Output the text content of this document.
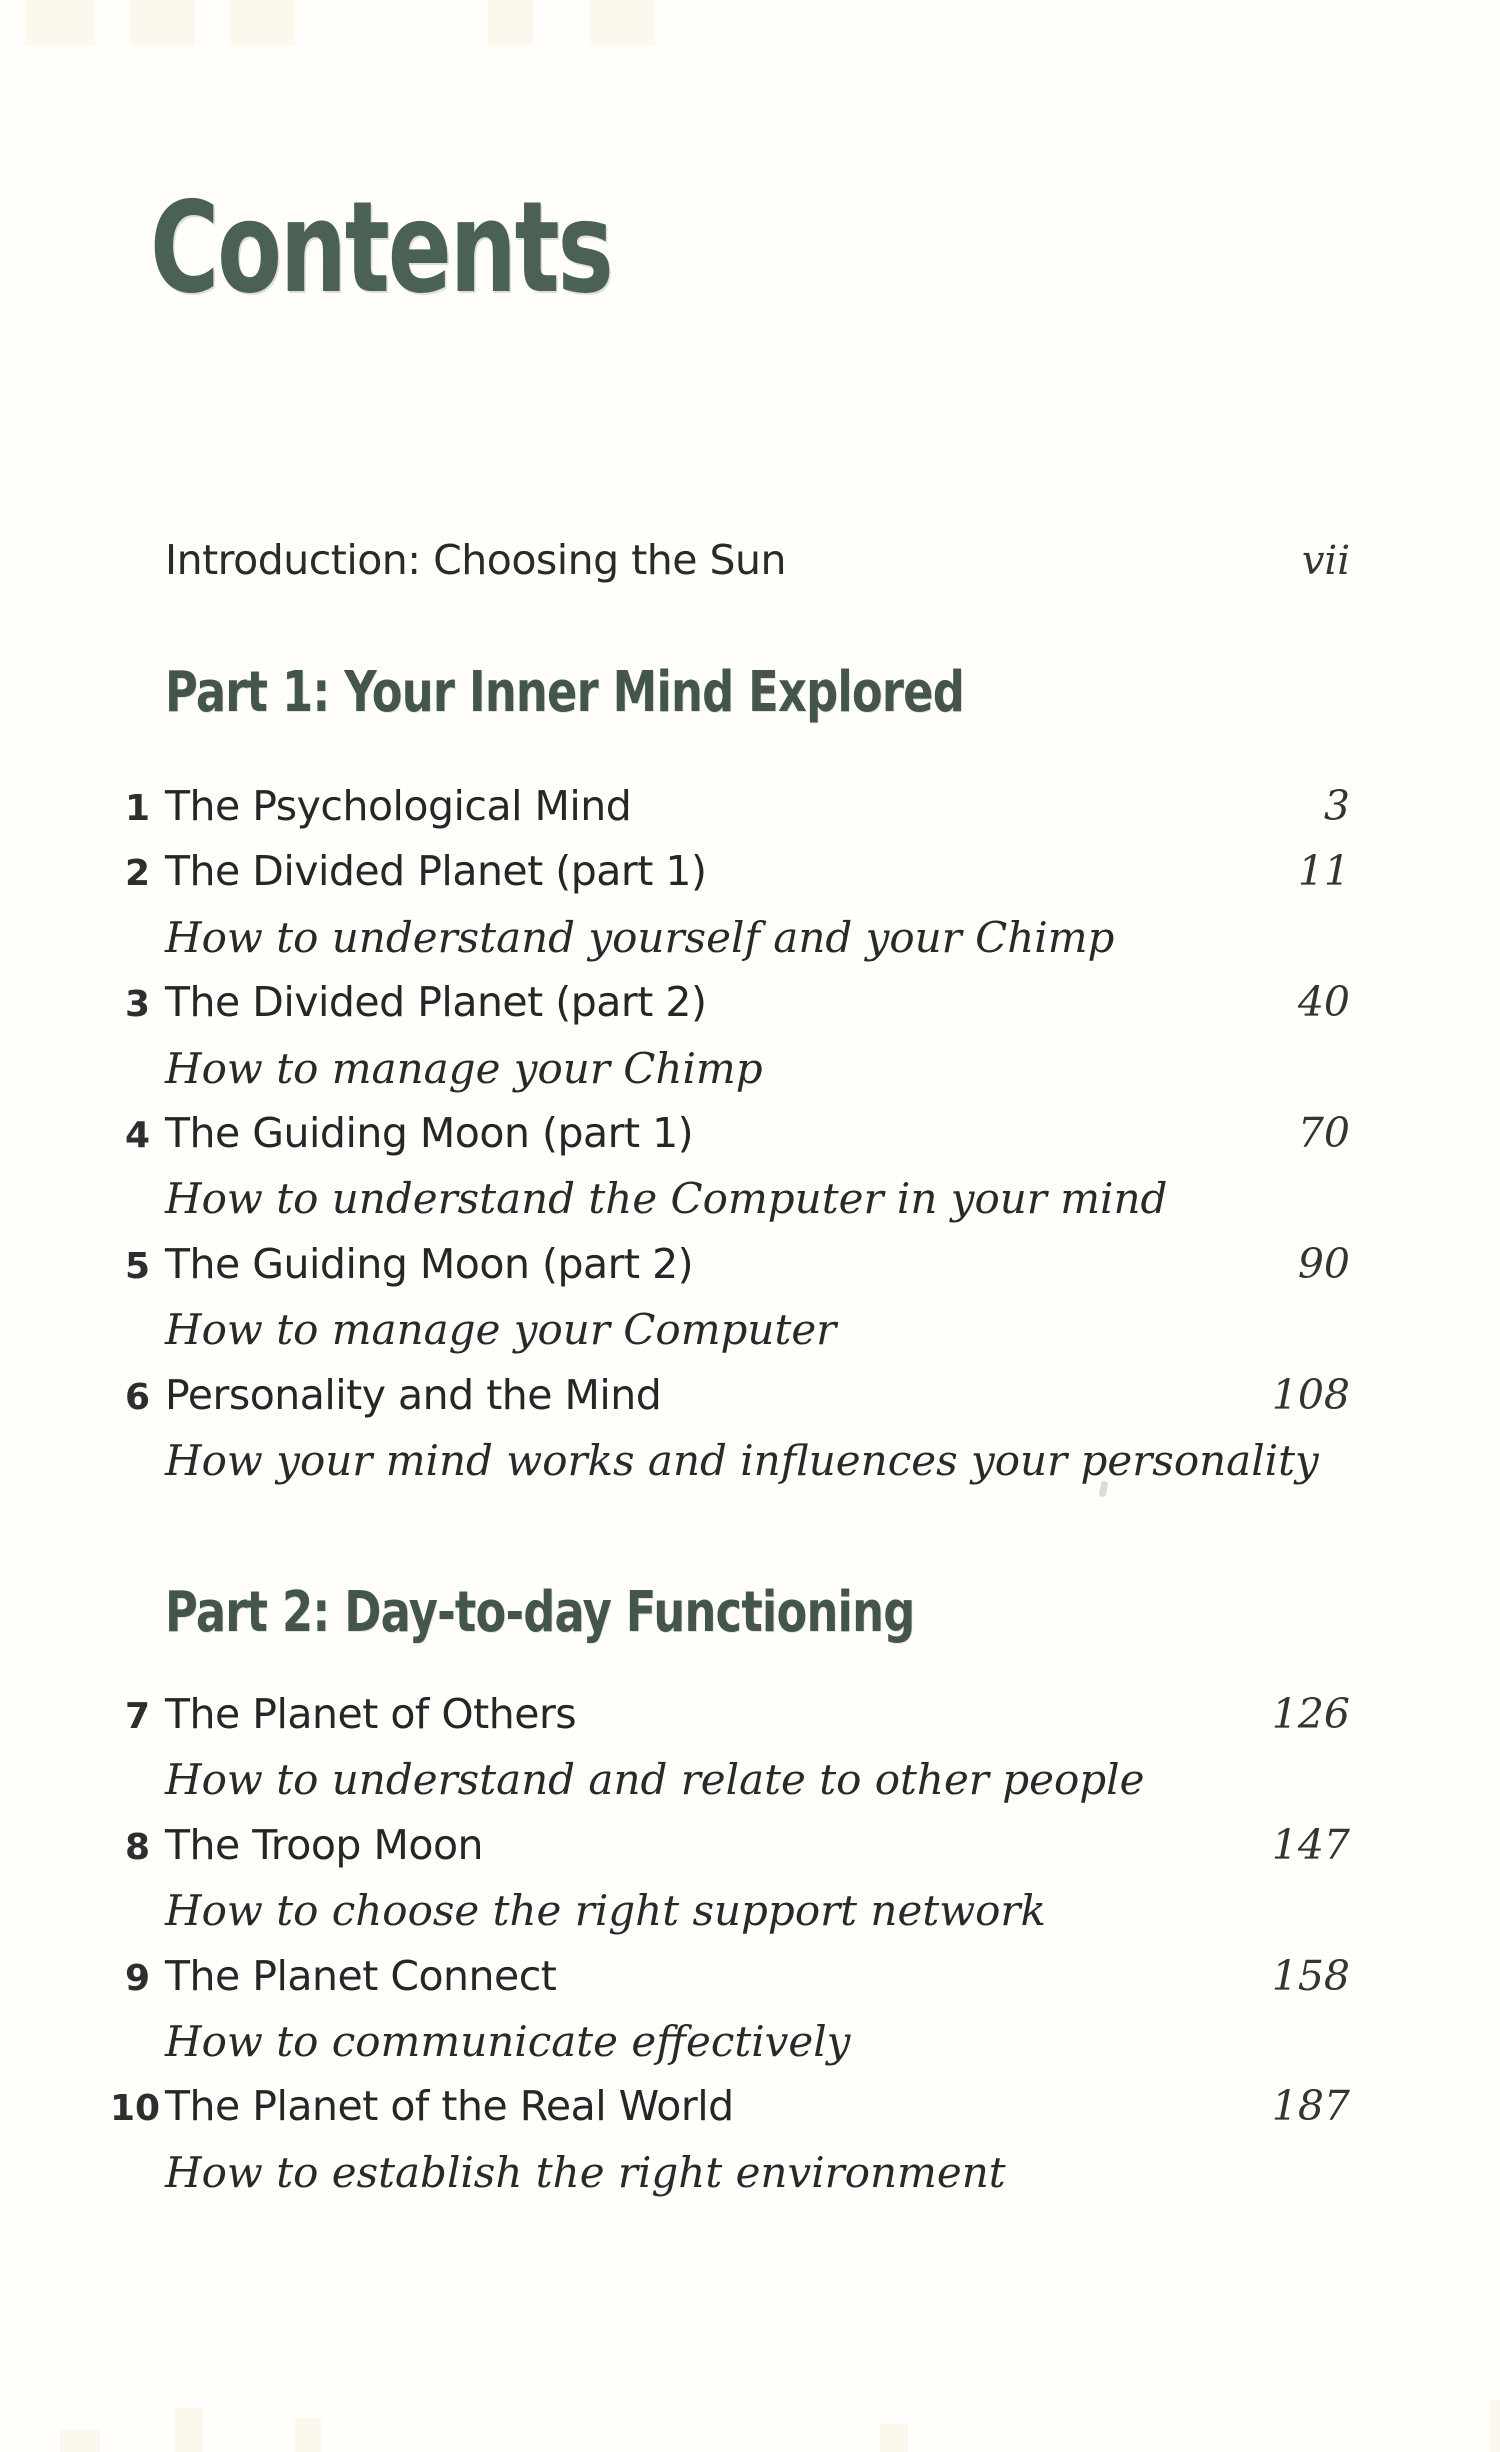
Contents
Introduction: Choosing the Sun	vii
Part 1: Your Inner Mind Explored
1 The Psychological Mind	3
2 The Divided Planet (part 1)	11
How to understand yourself and your Chimp
3 The Divided Planet (part 2)	40
How to manage your Chimp
4 The Guiding Moon (part 1)	70
How to understand the Computer in your mind
5 The Guiding Moon (part 2)	90
How to manage your Computer
6 Personality and the Mind	108
How your mind works and influences your personality
Part 2: Day-to-day Functioning
7 The Planet of Others	126
How to understand and relate to other people
8 The Troop Moon	147
How to choose the right support network
9 The Planet Connect	158
How to communicate effectively
10 The Planet of the Real World	187
How to establish the right environment
